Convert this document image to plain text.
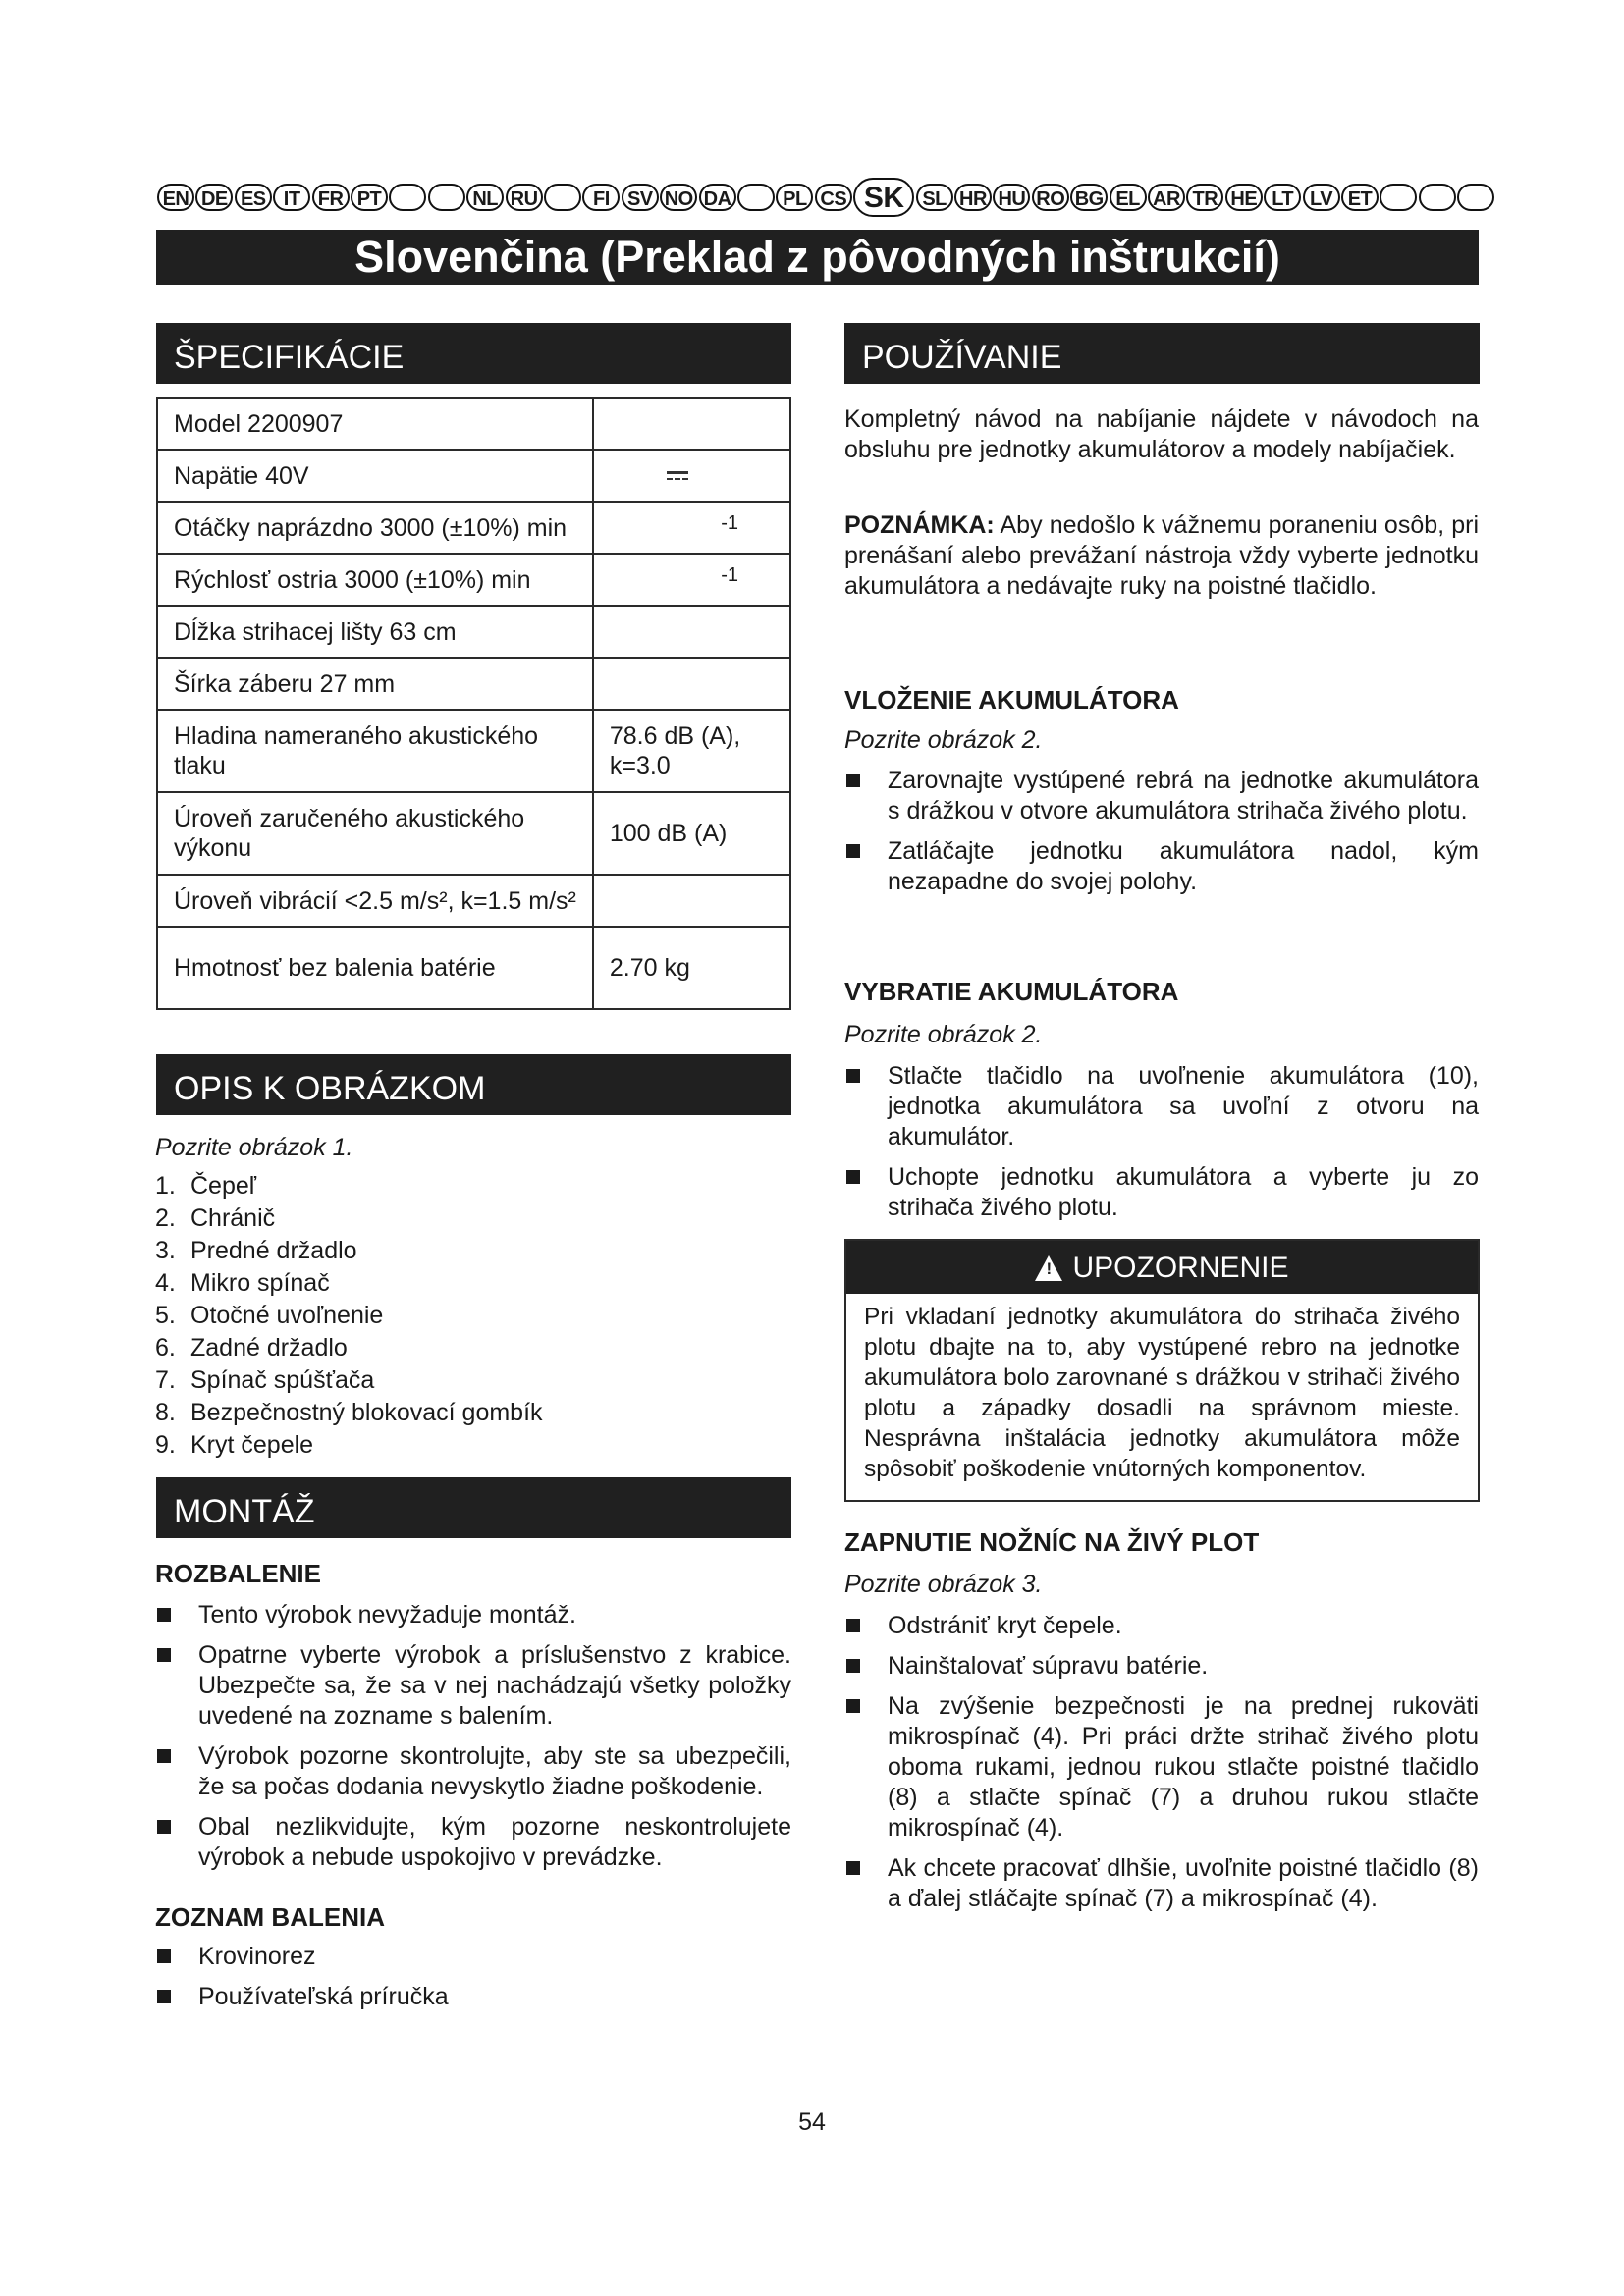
EN DE ES IT FR PT	NL RU	FI SV NO DA	PL CS SK SL HR HU RO BG EL AR TR HE LT LV ET
Slovenčina (Preklad z pôvodných inštrukcií)
ŠPECIFIKÁCIE
Model 2200907	
Napätie 40V	
Otáčky naprázdno 3000 (±10%) min	-1

Rýchlosť ostria 3000 (±10%) min	-1

Dĺžka strihacej lišty 63 cm	
Šírka záberu 27 mm	
Hladina nameraného akustického tlaku	78.6 dB (A), k=3.0
Úroveň zaručeného akustického výkonu	100 dB (A)
Úroveň vibrácií <2.5 m/s², k=1.5 m/s²	
Hmotnosť bez balenia batérie	2.70 kg
OPIS K OBRÁZKOM
Pozrite obrázok 1.
1. Čepeľ
2. Chránič
3. Predné držadlo
4. Mikro spínač
5. Otočné uvoľnenie
6. Zadné držadlo
7. Spínač spúšťača
8. Bezpečnostný blokovací gombík
9. Kryt čepele
MONTÁŽ
ROZBALENIE
Tento výrobok nevyžaduje montáž.
Opatrne vyberte výrobok a príslušenstvo z krabice. Ubezpečte sa, že sa v nej nachádzajú všetky položky uvedené na zozname s balením.
Výrobok pozorne skontrolujte, aby ste sa ubezpečili, že sa počas dodania nevyskytlo žiadne poškodenie.
Obal nezlikvidujte, kým pozorne neskontrolujete výrobok a nebude uspokojivo v prevádzke.
ZOZNAM BALENIA
Krovinorez
Používateľská príručka
POUŽÍVANIE
Kompletný návod na nabíjanie nájdete v návodoch na obsluhu pre jednotky akumulátorov a modely nabíjačiek.
POZNÁMKA: Aby nedošlo k vážnemu poraneniu osôb, pri prenášaní alebo prevážaní nástroja vždy vyberte jednotku akumulátora a nedávajte ruky na poistné tlačidlo.
VLOŽENIE AKUMULÁTORA
Pozrite obrázok 2.
Zarovnajte vystúpené rebrá na jednotke akumulátora s drážkou v otvore akumulátora strihača živého plotu.
Zatláčajte jednotku akumulátora nadol, kým nezapadne do svojej polohy.
VYBRATIE AKUMULÁTORA
Pozrite obrázok 2.
Stlačte tlačidlo na uvoľnenie akumulátora (10), jednotka akumulátora sa uvoľní z otvoru na akumulátor.
Uchopte jednotku akumulátora a vyberte ju zo strihača živého plotu.
!UPOZORNENIE
Pri vkladaní jednotky akumulátora do strihača živého plotu dbajte na to, aby vystúpené rebro na jednotke akumulátora bolo zarovnané s drážkou v strihači živého plotu a západky dosadli na správnom mieste. Nesprávna inštalácia jednotky akumulátora môže spôsobiť poškodenie vnútorných komponentov.
ZAPNUTIE NOŽNÍC NA ŽIVÝ PLOT
Pozrite obrázok 3.
Odstrániť kryt čepele.
Nainštalovať súpravu batérie.
Na zvýšenie bezpečnosti je na prednej rukoväti mikrospínač (4). Pri práci držte strihač živého plotu oboma rukami, jednou rukou stlačte poistné tlačidlo (8) a stlačte spínač (7) a druhou rukou stlačte mikrospínač (4).
Ak chcete pracovať dlhšie, uvoľnite poistné tlačidlo (8) a ďalej stláčajte spínač (7) a mikrospínač (4).
54
